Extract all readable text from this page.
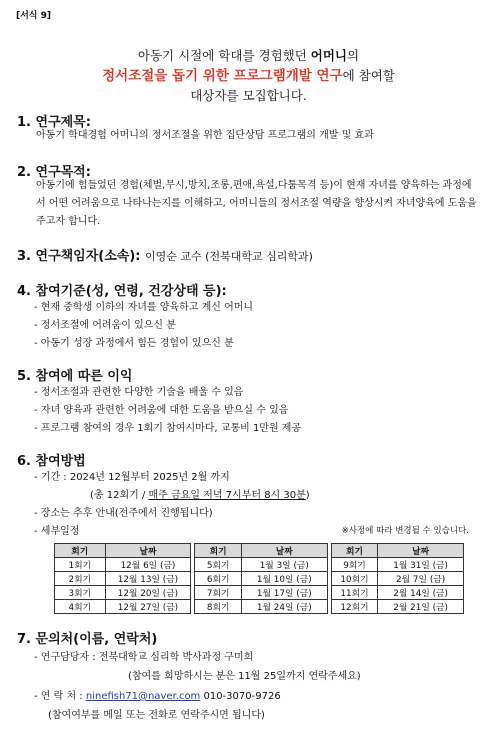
[서식 9]
아동기 시절에 학대를 경험했던 어머니의
정서조절을 돕기 위한 프로그램개발 연구에 참여할
대상자를 모집합니다.
1. 연구제목:
아동기 학대경험 어머니의 정서조절을 위한 집단상담 프로그램의 개발 및 효과
2. 연구목적:
아동기에 힘들었던 경험(체벌,무시,방치,조롱,편애,욕설,다툼목격 등)이 현재 자녀를 양육하는 과정에서 어떤 어려움으로 나타나는지를 이해하고, 어머니들의 정서조절 역량을 향상시켜 자녀양육에 도움을 주고자 합니다.
3. 연구책임자(소속): 이영순 교수 (전북대학교 심리학과)
4. 참여기준(성, 연령, 건강상태 등):
- 현재 중학생 이하의 자녀를 양육하고 계신 어머니
- 정서조절에 어려움이 있으신 분
- 아동기 성장 과정에서 힘든 경험이 있으신 분
5. 참여에 따른 이익
- 정서조절과 관련한 다양한 기술을 배울 수 있음
- 자녀 양육과 관련한 어려움에 대한 도움을 받으실 수 있음
- 프로그램 참여의 경우 1회기 참여시마다, 교통비 1만원 제공
6. 참여방법
- 기간 : 2024년 12월부터 2025년 2월 까지
(총 12회기 / 매주 금요일 저녁 7시부터 8시 30분)
- 장소는 추후 안내(전주에서 진행됩니다)
- 세부일정	※사정에 따라 변경될 수 있습니다.
회기	날짜		회기	날짜		회기	날짜
1회기	12월 6일 (금)		5회기	1월 3일 (금)		9회기	1월 31일 (금)
2회기	12월 13일 (금)		6회기	1월 10일 (금)		10회기	2월 7일 (금)
3회기	12월 20일 (금)		7회기	1월 17일 (금)		11회기	2월 14일 (금)
4회기	12월 27일 (금)		8회기	1월 24일 (금)		12회기	2월 21일 (금)
7. 문의처(이름, 연락처)
- 연구담당자 : 전북대학교 심리학 박사과정 구미희
(참여를 희망하시는 분은 11월 25일까지 연락주세요)
- 연 락 처 : ninefish71@naver.com 010-3070-9726
(참여여부를 메일 또는 전화로 연락주시면 됩니다)
